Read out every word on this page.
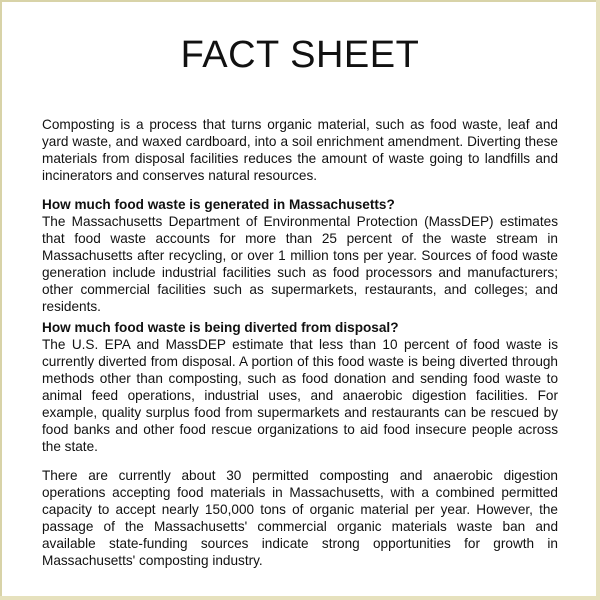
FACT SHEET

Composting is a process that turns organic material, such as food waste, leaf and yard waste, and waxed cardboard, into a soil enrichment amendment. Diverting these materials from disposal facilities reduces the amount of waste going to landfills and incinerators and conserves natural resources.

How much food waste is generated in Massachusetts?

The Massachusetts Department of Environmental Protection (MassDEP) estimates that food waste accounts for more than 25 percent of the waste stream in Massachusetts after recycling, or over 1 million tons per year. Sources of food waste generation include industrial facilities such as food processors and manufacturers; other commercial facilities such as supermarkets, restaurants, and colleges; and residents.

How much food waste is being diverted from disposal?

The U.S. EPA and MassDEP estimate that less than 10 percent of food waste is currently diverted from disposal. A portion of this food waste is being diverted through methods other than composting, such as food donation and sending food waste to animal feed operations, industrial uses, and anaerobic digestion facilities. For example, quality surplus food from supermarkets and restaurants can be rescued by food banks and other food rescue organizations to aid food insecure people across the state.

There are currently about 30 permitted composting and anaerobic digestion operations accepting food materials in Massachusetts, with a combined permitted capacity to accept nearly 150,000 tons of organic material per year. However, the passage of the Massachusetts' commercial organic materials waste ban and available state-funding sources indicate strong opportunities for growth in Massachusetts' composting industry.
